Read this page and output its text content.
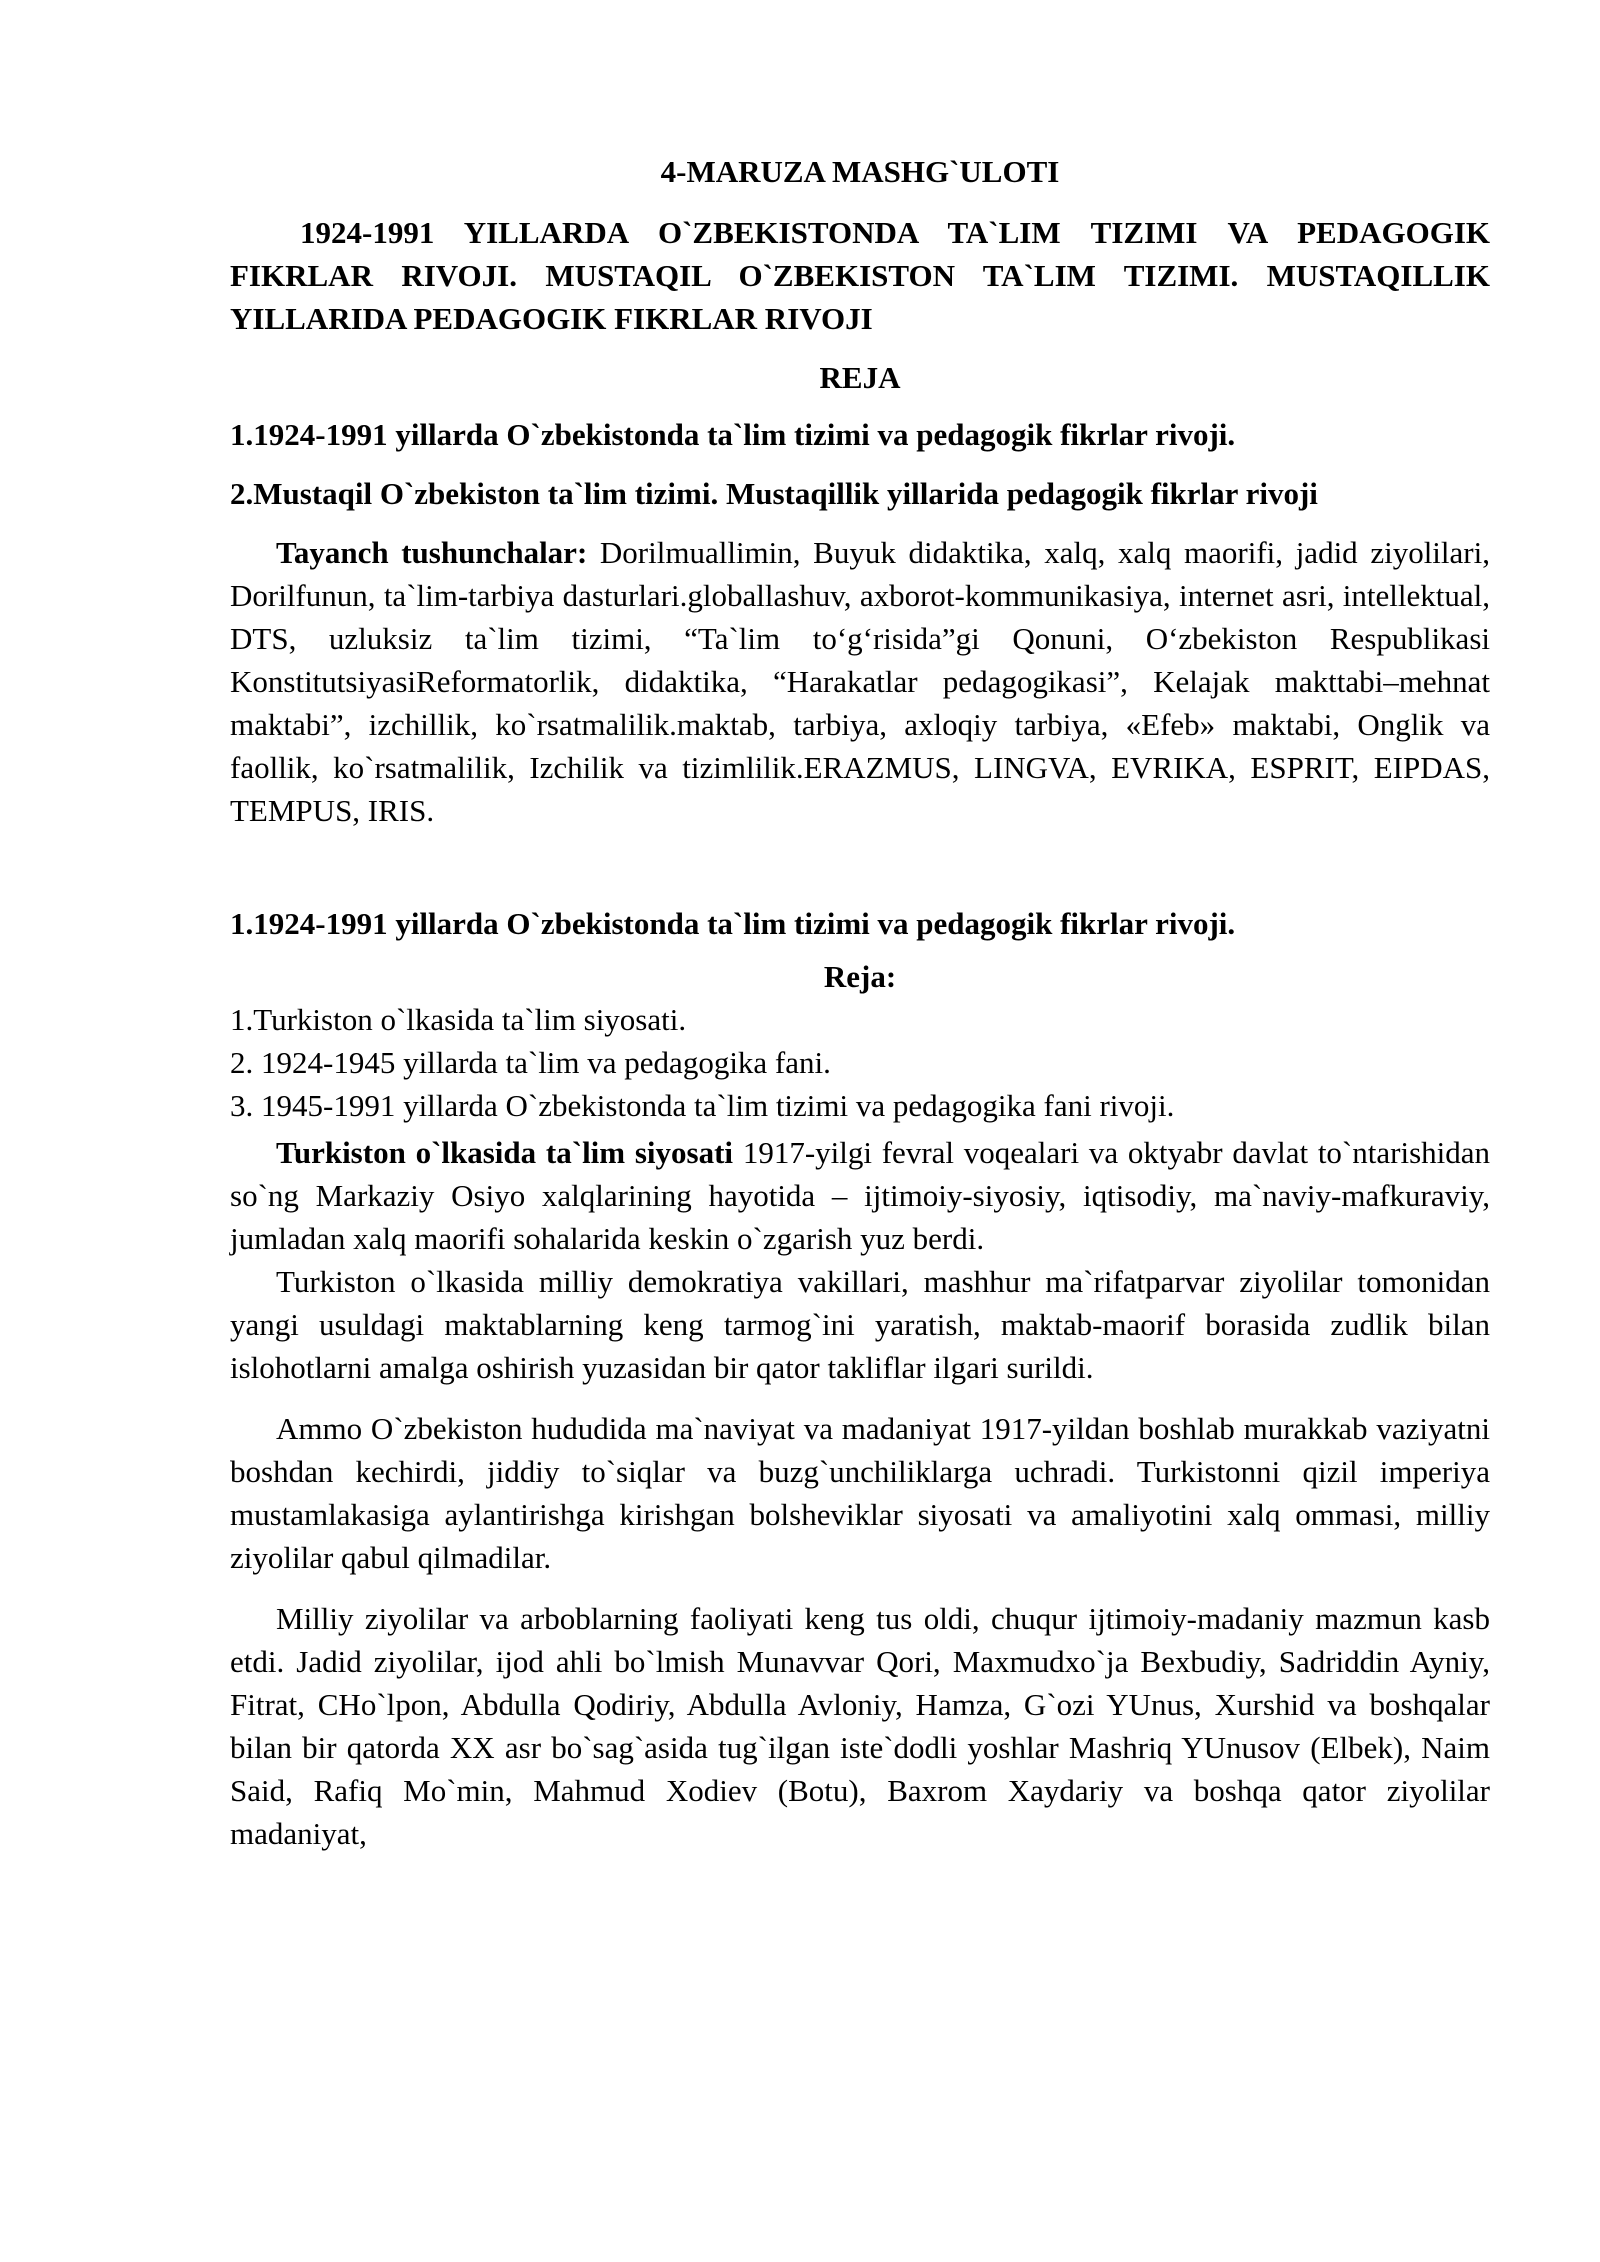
4-MARUZA MASHG`ULOTI

1924-1991 YILLARDA O`ZBEKISTONDA TA`LIM TIZIMI VA PEDAGOGIK FIKRLAR RIVOJI. MUSTAQIL O`ZBEKISTON TA`LIM TIZIMI. MUSTAQILLIK YILLARIDA PEDAGOGIK FIKRLAR RIVOJI

REJA

1.1924-1991 yillarda O`zbekistonda ta`lim tizimi va pedagogik fikrlar rivoji.

2.Mustaqil O`zbekiston ta`lim tizimi. Mustaqillik yillarida pedagogik fikrlar rivoji

Tayanch tushunchalar: Dorilmuallimin, Buyuk didaktika, xalq, xalq maorifi, jadid ziyolilari, Dorilfunun, ta`lim-tarbiya dasturlari.globallashuv, axborot-kommunikasiya, internet asri, intellektual, DTS, uzluksiz ta`lim tizimi, “Ta`lim to‘g‘risida”gi Qonuni, O‘zbekiston Respublikasi KonstitutsiyasiReformatorlik, didaktika, “Harakatlar pedagogikasi”, Kelajak makttabi–mehnat maktabi”, izchillik, ko`rsatmalilik.maktab, tarbiya, axloqiy tarbiya, «Efeb» maktabi, Onglik va faollik, ko`rsatmalilik, Izchilik va tizimlilik.ERAZMUS, LINGVA, EVRIKA, ESPRIT, EIPDAS, TEMPUS, IRIS.

1.1924-1991 yillarda O`zbekistonda ta`lim tizimi va pedagogik fikrlar rivoji.

Reja:

1.Turkiston o`lkasida ta`lim siyosati.

2. 1924-1945 yillarda ta`lim va pedagogika fani.

3. 1945-1991 yillarda O`zbekistonda ta`lim tizimi va pedagogika fani rivoji.

Turkiston o`lkasida ta`lim siyosati 1917-yilgi fevral voqealari va oktyabr davlat to`ntarishidan so`ng Markaziy Osiyo xalqlarining hayotida – ijtimoiy-siyosiy, iqtisodiy, ma`naviy-mafkuraviy, jumladan xalq maorifi sohalarida keskin o`zgarish yuz berdi.

Turkiston o`lkasida milliy demokratiya vakillari, mashhur ma`rifatparvar ziyolilar tomonidan yangi usuldagi maktablarning keng tarmog`ini yaratish, maktab-maorif borasida zudlik bilan islohotlarni amalga oshirish yuzasidan bir qator takliflar ilgari surildi.

Ammo O`zbekiston hududida ma`naviyat va madaniyat 1917-yildan boshlab murakkab vaziyatni boshdan kechirdi, jiddiy to`siqlar va buzg`unchiliklarga uchradi. Turkistonni qizil imperiya mustamlakasiga aylantirishga kirishgan bolsheviklar siyosati va amaliyotini xalq ommasi, milliy ziyolilar qabul qilmadilar.

Milliy ziyolilar va arboblarning faoliyati keng tus oldi, chuqur ijtimoiy-madaniy mazmun kasb etdi. Jadid ziyolilar, ijod ahli bo`lmish Munavvar Qori, Maxmudxo`ja Bexbudiy, Sadriddin Ayniy, Fitrat, CHo`lpon, Abdulla Qodiriy, Abdulla Avloniy, Hamza, G`ozi YUnus, Xurshid va boshqalar bilan bir qatorda XX asr bo`sag`asida tug`ilgan iste`dodli yoshlar Mashriq YUnusov (Elbek), Naim Said, Rafiq Mo`min, Mahmud Xodiev (Botu), Baxrom Xaydariy va boshqa qator ziyolilar madaniyat,
